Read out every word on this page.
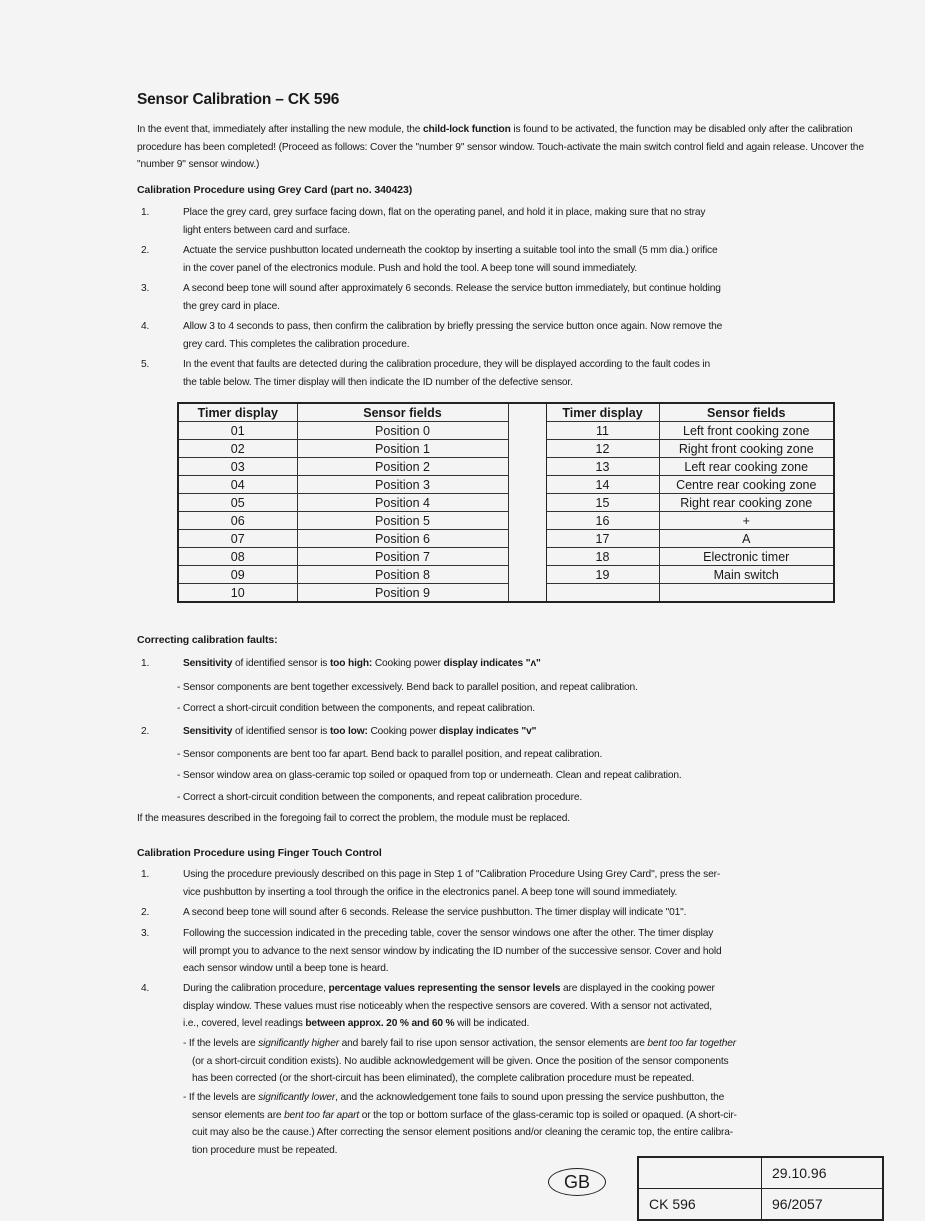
Sensor Calibration – CK 596
In the event that, immediately after installing the new module, the child-lock function is found to be activated, the function may be disabled only after the calibration procedure has been completed! (Proceed as follows: Cover the "number 9" sensor window. Touch-activate the main switch control field and again release. Uncover the "number 9" sensor window.)
Calibration Procedure using Grey Card (part no. 340423)
1.	Place the grey card, grey surface facing down, flat on the operating panel, and hold it in place, making sure that no stray
light enters between card and surface.
2.	Actuate the service pushbutton located underneath the cooktop by inserting a suitable tool into the small (5 mm dia.) orifice
in the cover panel of the electronics module. Push and hold the tool. A beep tone will sound immediately.
3.	A second beep tone will sound after approximately 6 seconds. Release the service button immediately, but continue holding
the grey card in place.
4.	Allow 3 to 4 seconds to pass, then confirm the calibration by briefly pressing the service button once again. Now remove the
grey card. This completes the calibration procedure.
5.	In the event that faults are detected during the calibration procedure, they will be displayed according to the fault codes in
the table below. The timer display will then indicate the ID number of the defective sensor.
Timer display	Sensor fields		Timer display	Sensor fields
01	Position 0		11	Left front cooking zone
02	Position 1		12	Right front cooking zone
03	Position 2		13	Left rear cooking zone
04	Position 3		14	Centre rear cooking zone
05	Position 4		15	Right rear cooking zone
06	Position 5		16	+
07	Position 6		17	A
08	Position 7		18	Electronic timer
09	Position 8		19	Main switch
10	Position 9			
Correcting calibration faults:
1.	Sensitivity of identified sensor is too high: Cooking power display indicates "ʌ"
- Sensor components are bent together excessively. Bend back to parallel position, and repeat calibration.
- Correct a short-circuit condition between the components, and repeat calibration.
2.	Sensitivity of identified sensor is too low: Cooking power display indicates "v"
- Sensor components are bent too far apart. Bend back to parallel position, and repeat calibration.
- Sensor window area on glass-ceramic top soiled or opaqued from top or underneath. Clean and repeat calibration.
- Correct a short-circuit condition between the components, and repeat calibration procedure.
If the measures described in the foregoing fail to correct the problem, the module must be replaced.
Calibration Procedure using Finger Touch Control
1.	Using the procedure previously described on this page in Step 1 of "Calibration Procedure Using Grey Card", press the ser-
vice pushbutton by inserting a tool through the orifice in the electronics panel. A beep tone will sound immediately.
2.	A second beep tone will sound after 6 seconds. Release the service pushbutton. The timer display will indicate "01".
3.	Following the succession indicated in the preceding table, cover the sensor windows one after the other. The timer display
will prompt you to advance to the next sensor window by indicating the ID number of the successive sensor. Cover and hold
each sensor window until a beep tone is heard.
4.	During the calibration procedure, percentage values representing the sensor levels are displayed in the cooking power
display window. These values must rise noticeably when the respective sensors are covered. With a sensor not activated,
i.e., covered, level readings between approx. 20 % and 60 % will be indicated.
- If the levels are significantly higher and barely fail to rise upon sensor activation, the sensor elements are bent too far together
(or a short-circuit condition exists). No audible acknowledgement will be given. Once the position of the sensor components
has been corrected (or the short-circuit has been eliminated), the complete calibration procedure must be repeated.
- If the levels are significantly lower, and the acknowledgement tone fails to sound upon pressing the service pushbutton, the
sensor elements are bent too far apart or the top or bottom surface of the glass-ceramic top is soiled or opaqued. (A short-cir-
cuit may also be the cause.) After correcting the sensor element positions and/or cleaning the ceramic top, the entire calibra-
tion procedure must be repeated.
GB
		29.10.96
CK 596	96/2057
